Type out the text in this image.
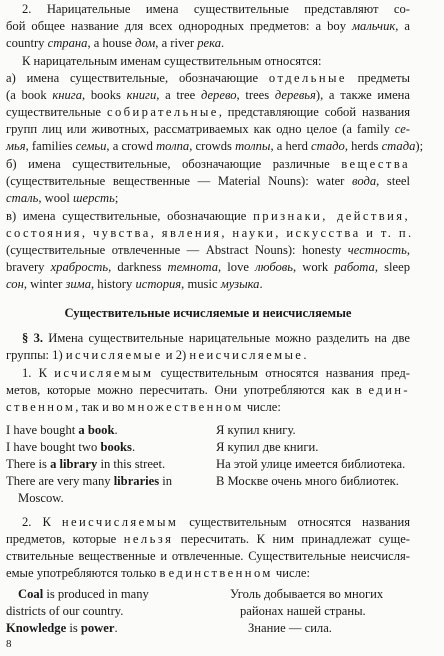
2. Нарицательные имена существительные представляют со-
бой общее название для всех однородных предметов: a boy мальчик, a
country страна, a house дом, a river река.
К нарицательным именам существительным относятся:
а) имена существительные, обозначающие отдельные предметы
(a book книга, books книги, a tree дерево, trees деревья), а также имена
существительные собирательные, представляющие собой названия
групп лиц или животных, рассматриваемых как одно целое (a family се-
мья, families семьи, a crowd толпа, crowds толпы, a herd стадо, herds стада);
б) имена существительные, обозначающие различные вещества
(существительные вещественные — Material Nouns): water вода, steel
сталь, wool шерсть;
в) имена существительные, обозначающие признаки, действия,
состояния, чувства, явления, науки, искусства и т. п.
(существительные отвлеченные — Abstract Nouns): honesty честность,
bravery храбрость, darkness темнота, love любовь, work работа, sleep
сон, winter зима, history история, music музыка.
Существительные исчисляемые и неисчисляемые
§ 3. Имена существительные нарицательные можно разделить на две
группы: 1) исчисляемые и 2) неисчисляемые.
1. К исчисляемым существительным относятся названия пред-
метов, которые можно пересчитать. Они употребляются как в един-
ственном, так и во множественном числе:
I have bought a book.	Я купил книгу.
I have bought two books.	Я купил две книги.
There is a library in this street.	На этой улице имеется библиотека.
There are very many libraries in	В Москве очень много библиотек.
Moscow.
2. К неисчисляемым существительным относятся названия
предметов, которые нельзя пересчитать. К ним принадлежат суще-
ствительные вещественные и отвлеченные. Существительные неисчисля-
емые употребляются только в единственном числе:
Coal is produced in many	Уголь добывается во многих
districts of our country.	районах нашей страны.
Knowledge is power.	Знание — сила.
8
